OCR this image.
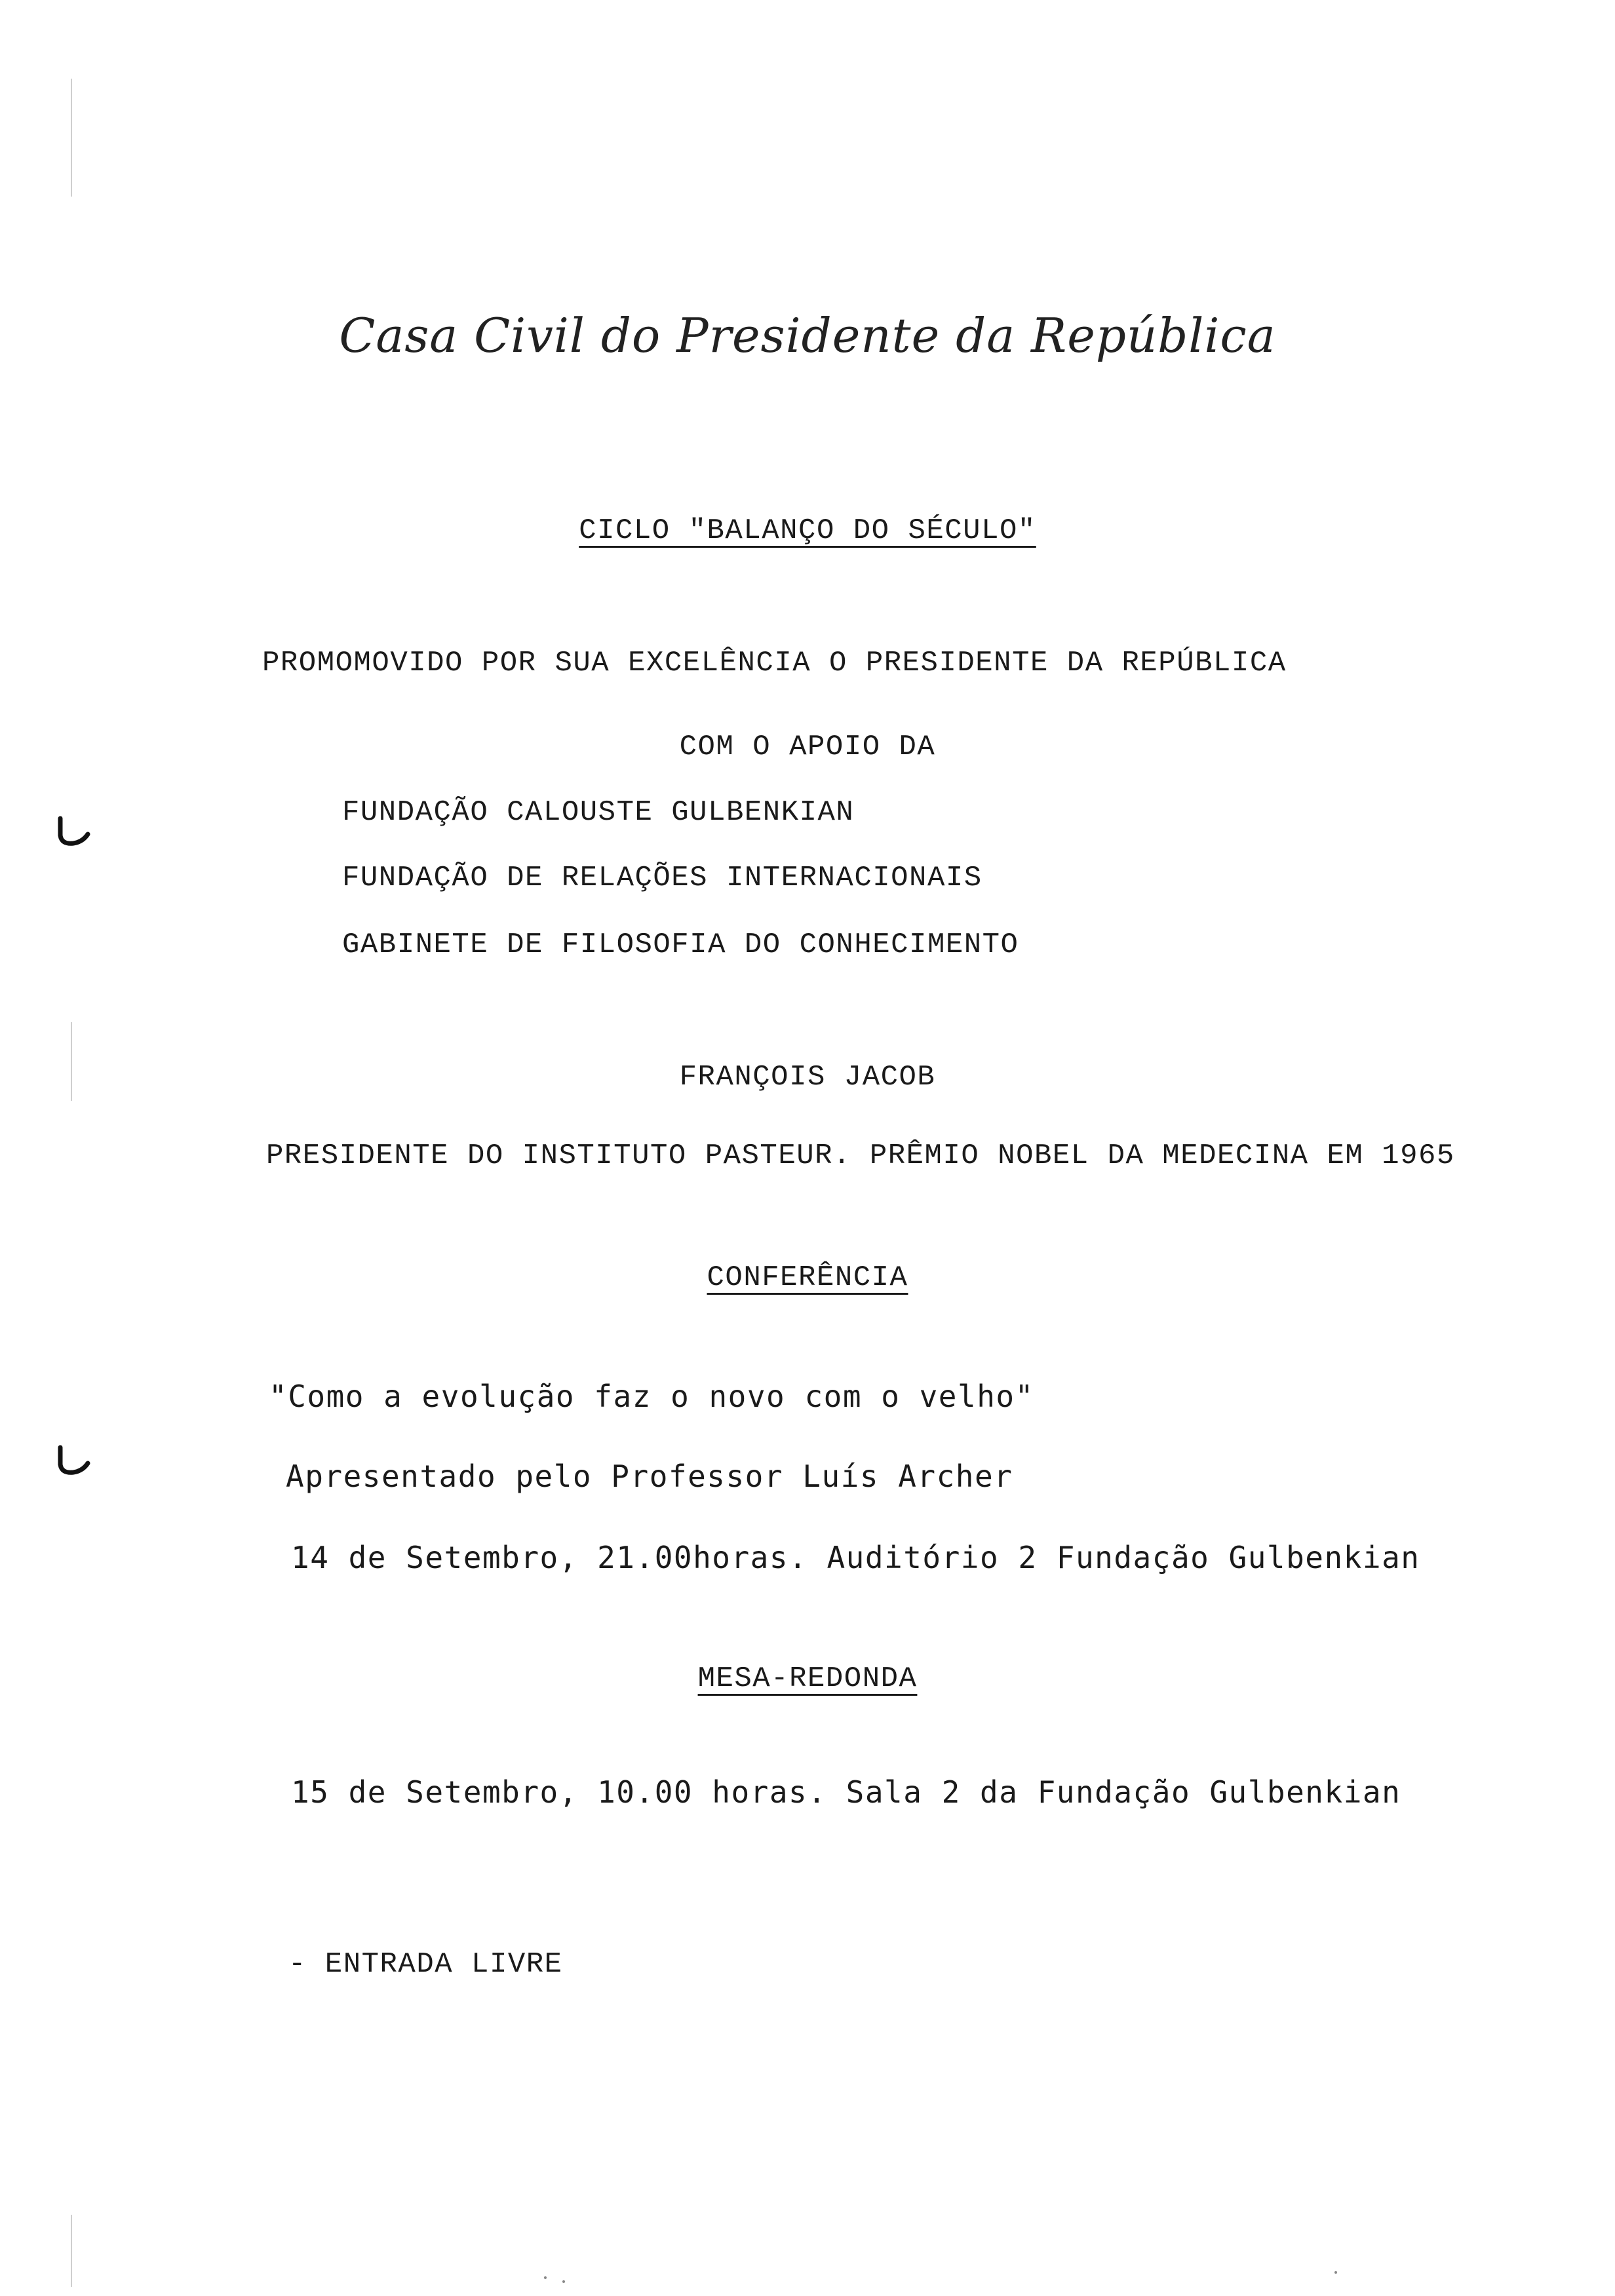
Casa Civil do Presidente da República
CICLO "BALANÇO DO SÉCULO"
PROMOMOVIDO POR SUA EXCELÊNCIA O PRESIDENTE DA REPÚBLICA
COM O APOIO DA
FUNDAÇÃO CALOUSTE GULBENKIAN
FUNDAÇÃO DE RELAÇÕES INTERNACIONAIS
GABINETE DE FILOSOFIA DO CONHECIMENTO
FRANÇOIS JACOB
PRESIDENTE DO INSTITUTO PASTEUR. PRÊMIO NOBEL DA MEDECINA EM 1965
CONFERÊNCIA
"Como a evolução faz o novo com o velho"
Apresentado pelo Professor Luís Archer
14 de Setembro, 21.00horas. Auditório 2 Fundação Gulbenkian
MESA-REDONDA
15 de Setembro, 10.00 horas. Sala 2 da Fundação Gulbenkian
- ENTRADA LIVRE
